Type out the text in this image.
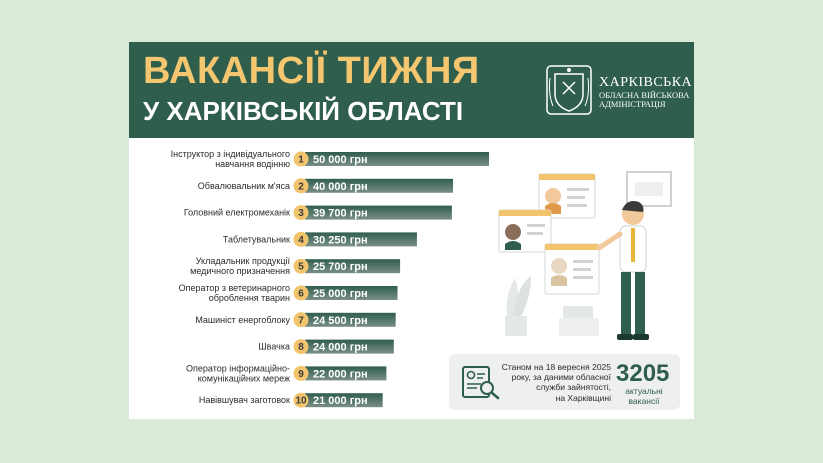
ВАКАНСІЇ ТИЖНЯ
У ХАРКІВСЬКІЙ ОБЛАСТІ
ХАРКІВСЬКА
ОБЛАСНА ВІЙСЬКОВА
АДМІНІСТРАЦІЯ
1 50 000 грн
Інструктор з індивідуального навчання водінню
2 40 000 грн
Обвалювальник м'яса
3 39 700 грн
Головний електромеханік
4 30 250 грн
Таблетувальник
5 25 700 грн
Укладальник продукції медичного призначення
6 25 000 грн
Оператор з ветеринарного оброблення тварин
7 24 500 грн
Машиніст енергоблоку
8 24 000 грн
Швачка
9 22 000 грн
Оператор інформаційно-комунікаційних мереж
10 21 000 грн
Навівшувач заготовок
Станом на 18 вересня 2025
року, за даними обласної
служби зайнятості,
на Харківщині
3205
актуальні
вакансії
